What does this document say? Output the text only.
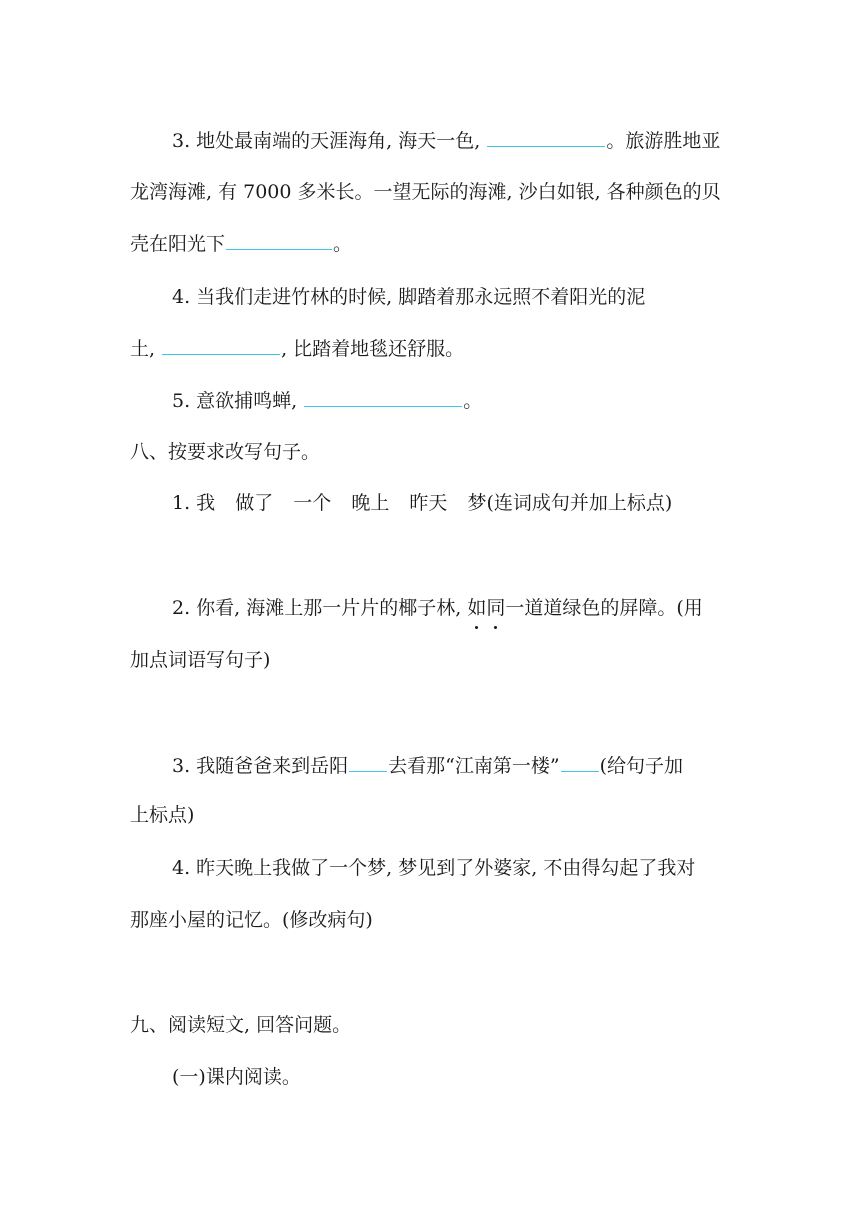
3. 地处最南端的天涯海角, 海天一色,	。旅游胜地亚
龙湾海滩, 有 7000 多米长。一望无际的海滩, 沙白如银, 各种颜色的贝
壳在阳光下	。
4. 当我们走进竹林的时候, 脚踏着那永远照不着阳光的泥
土,	, 比踏着地毯还舒服。
5. 意欲捕鸣蝉,	。
八、按要求改写句子。
1. 我 做了 一个 晚上 昨天 梦(连词成句并加上标点)
2. 你看, 海滩上那一片片的椰子林, 如同一道道绿色的屏障。(用
加点词语写句子)
3. 我随爸爸来到岳阳 去看那“江南第一楼” (给句子加
上标点)
4. 昨天晚上我做了一个梦, 梦见到了外婆家, 不由得勾起了我对
那座小屋的记忆。(修改病句)
九、阅读短文, 回答问题。
(一)课内阅读。
